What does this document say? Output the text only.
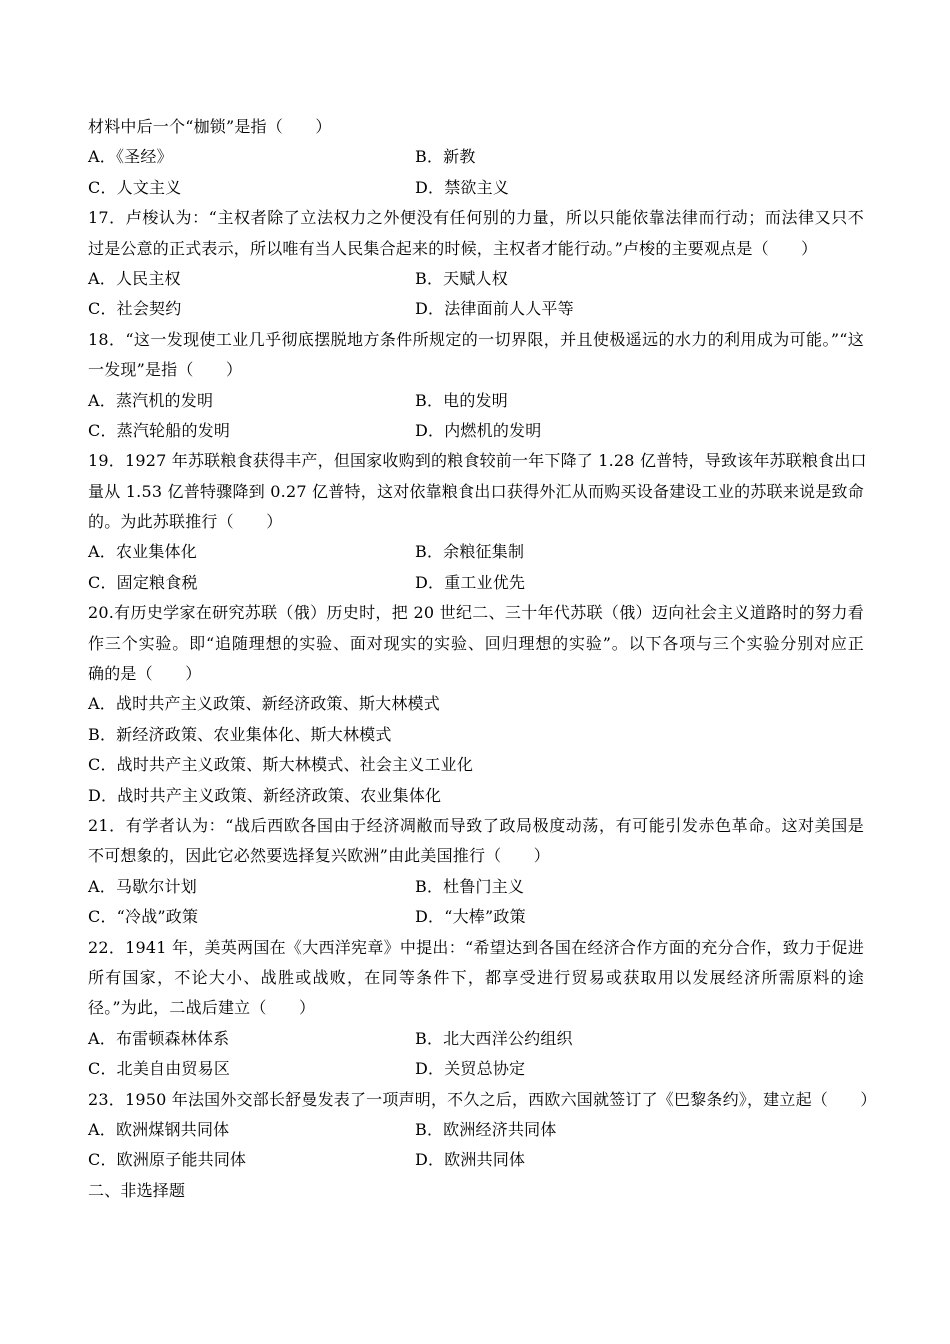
材料中后一个“枷锁”是指（　　）
A．《圣经》	B．新教
C．人文主义	D．禁欲主义
17．卢梭认为：“主权者除了立法权力之外便没有任何别的力量，所以只能依靠法律而行动；而法律又只不
过是公意的正式表示，所以唯有当人民集合起来的时候，主权者才能行动。”卢梭的主要观点是（　　）
A．人民主权	B．天赋人权
C．社会契约	D．法律面前人人平等
18．“这一发现使工业几乎彻底摆脱地方条件所规定的一切界限，并且使极遥远的水力的利用成为可能。”“这
一发现”是指（　　）
A．蒸汽机的发明	B．电的发明
C．蒸汽轮船的发明	D．内燃机的发明
19．1927 年苏联粮食获得丰产，但国家收购到的粮食较前一年下降了 1.28 亿普特，导致该年苏联粮食出口
量从 1.53 亿普特骤降到 0.27 亿普特，这对依靠粮食出口获得外汇从而购买设备建设工业的苏联来说是致命
的。为此苏联推行（　　）
A．农业集体化	B．余粮征集制
C．固定粮食税	D．重工业优先
20.有历史学家在研究苏联（俄）历史时，把 20 世纪二、三十年代苏联（俄）迈向社会主义道路时的努力看
作三个实验。即“追随理想的实验、面对现实的实验、回归理想的实验”。以下各项与三个实验分别对应正
确的是（　　）
A．战时共产主义政策、新经济政策、斯大林模式
B．新经济政策、农业集体化、斯大林模式
C．战时共产主义政策、斯大林模式、社会主义工业化
D．战时共产主义政策、新经济政策、农业集体化
21．有学者认为：“战后西欧各国由于经济凋敝而导致了政局极度动荡，有可能引发赤色革命。这对美国是
不可想象的，因此它必然要选择复兴欧洲”由此美国推行（　　）
A．马歇尔计划	B．杜鲁门主义
C．“冷战”政策	D．“大棒”政策
22．1941 年，美英两国在《大西洋宪章》中提出：“希望达到各国在经济合作方面的充分合作，致力于促进
所有国家，不论大小、战胜或战败，在同等条件下，都享受进行贸易或获取用以发展经济所需原料的途
径。”为此，二战后建立（　　）
A．布雷顿森林体系	B．北大西洋公约组织
C．北美自由贸易区	D．关贸总协定
23．1950 年法国外交部长舒曼发表了一项声明，不久之后，西欧六国就签订了《巴黎条约》，建立起（　　）
A．欧洲煤钢共同体	B．欧洲经济共同体
C．欧洲原子能共同体	D．欧洲共同体
二、非选择题
